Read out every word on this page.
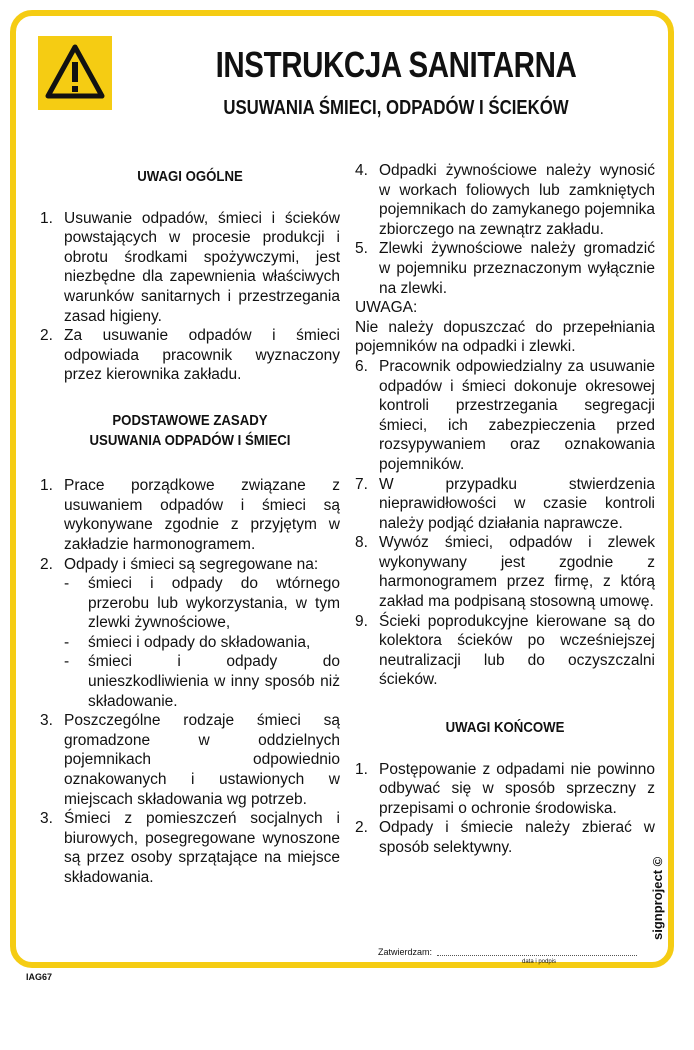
INSTRUKCJA SANITARNA
USUWANIA ŚMIECI, ODPADÓW I ŚCIEKÓW
UWAGI OGÓLNE
1. Usuwanie odpadów, śmieci i ścieków powstających w procesie produkcji i obrotu środkami spożywczymi, jest niezbędne dla zapewnienia właściwych warunków sanitarnych i przestrzegania zasad higieny.
2. Za usuwanie odpadów i śmieci odpowiada pracownik wyznaczony przez kierownika zakładu.
PODSTAWOWE ZASADY
USUWANIA ODPADÓW I ŚMIECI
1. Prace porządkowe związane z usuwaniem odpadów i śmieci są wykonywane zgodnie z przyjętym w zakładzie harmonogramem.
2. Odpady i śmieci są segregowane na:
- śmieci i odpady do wtórnego przerobu lub wykorzystania, w tym zlewki żywnościowe,
- śmieci i odpady do składowania,
- śmieci i odpady do unieszkodliwienia w inny sposób niż składowanie.
3. Poszczególne rodzaje śmieci są gromadzone w oddzielnych pojemnikach odpowiednio oznakowanych i ustawionych w miejscach składowania wg potrzeb.
3. Śmieci z pomieszczeń socjalnych i biurowych, posegregowane wynoszone są przez osoby sprzątające na miejsce składowania.
4. Odpadki żywnościowe należy wynosić w workach foliowych lub zamkniętych pojemnikach do zamykanego pojemnika zbiorczego na zewnątrz zakładu.
5. Zlewki żywnościowe należy gromadzić w pojemniku przeznaczonym wyłącznie na zlewki.
UWAGA:
Nie należy dopuszczać do przepełniania pojemników na odpadki i zlewki.
6. Pracownik odpowiedzialny za usuwanie odpadów i śmieci dokonuje okresowej kontroli przestrzegania segregacji śmieci, ich zabezpieczenia przed rozsypywaniem oraz oznakowania pojemników.
7. W przypadku stwierdzenia nieprawidłowości w czasie kontroli należy podjąć działania naprawcze.
8. Wywóz śmieci, odpadów i zlewek wykonywany jest zgodnie z harmonogramem przez firmę, z którą zakład ma podpisaną stosowną umowę.
9. Ścieki poprodukcyjne kierowane są do kolektora ścieków po wcześniejszej neutralizacji lub do oczyszczalni ścieków.
UWAGI KOŃCOWE
1. Postępowanie z odpadami nie powinno odbywać się w sposób sprzeczny z przepisami o ochronie środowiska.
2. Odpady i śmiecie należy zbierać w sposób selektywny.
Zatwierdzam:
data i podpis
IAG67
signproject ©
